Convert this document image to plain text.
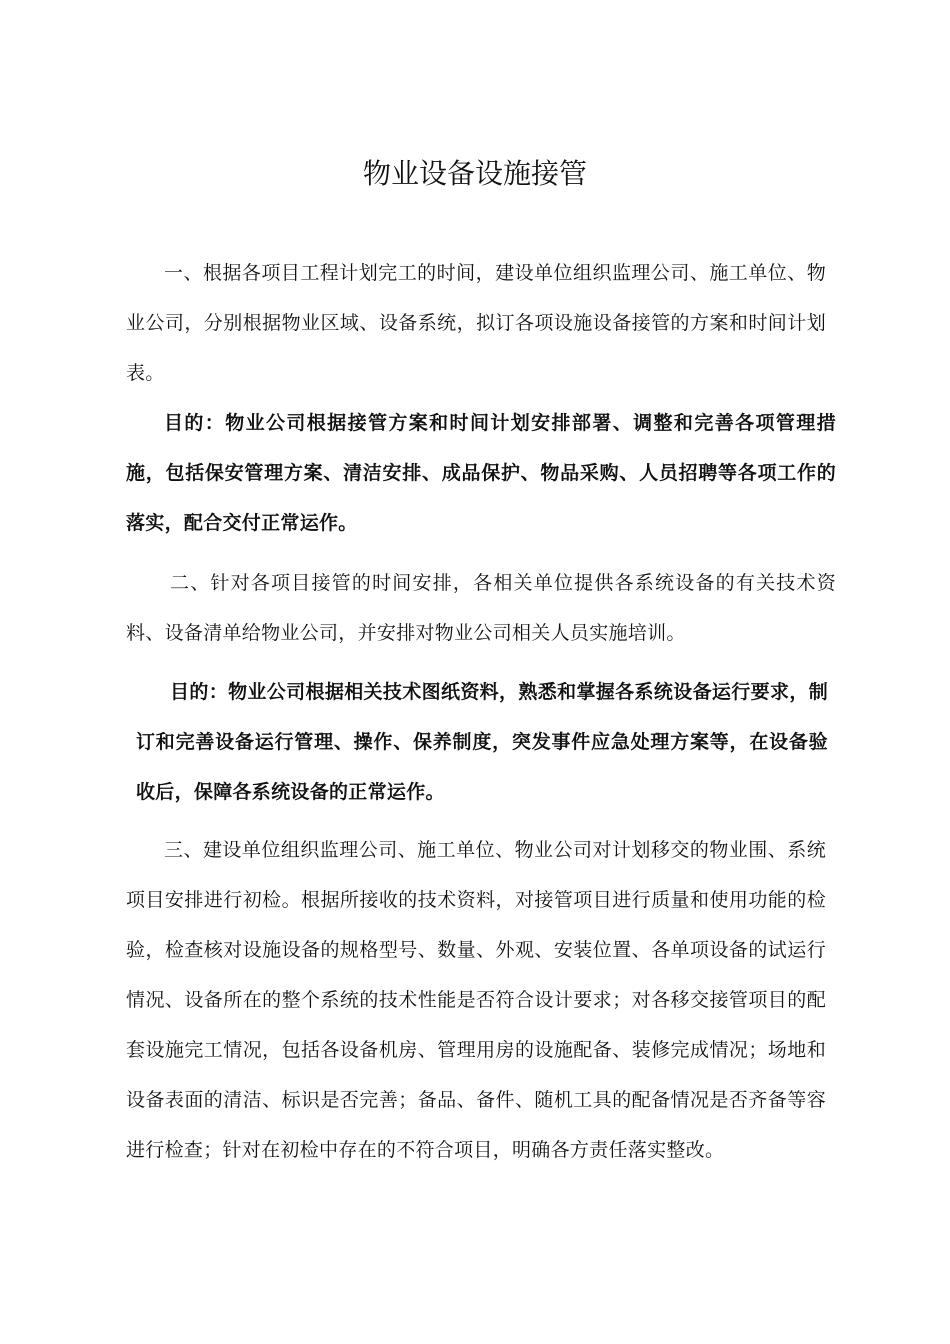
物业设备设施接管

一、根据各项目工程计划完工的时间，建设单位组织监理公司、施工单位、物业公司，分别根据物业区域、设备系统，拟订各项设施设备接管的方案和时间计划表。

目的：物业公司根据接管方案和时间计划安排部署、调整和完善各项管理措施，包括保安管理方案、清洁安排、成品保护、物品采购、人员招聘等各项工作的落实，配合交付正常运作。

二、针对各项目接管的时间安排，各相关单位提供各系统设备的有关技术资料、设备清单给物业公司，并安排对物业公司相关人员实施培训。

目的：物业公司根据相关技术图纸资料，熟悉和掌握各系统设备运行要求，制订和完善设备运行管理、操作、保养制度，突发事件应急处理方案等，在设备验收后，保障各系统设备的正常运作。

三、建设单位组织监理公司、施工单位、物业公司对计划移交的物业围、系统项目安排进行初检。根据所接收的技术资料，对接管项目进行质量和使用功能的检验，检查核对设施设备的规格型号、数量、外观、安装位置、各单项设备的试运行情况、设备所在的整个系统的技术性能是否符合设计要求；对各移交接管项目的配套设施完工情况，包括各设备机房、管理用房的设施配备、装修完成情况；场地和设备表面的清洁、标识是否完善；备品、备件、随机工具的配备情况是否齐备等容进行检查；针对在初检中存在的不符合项目，明确各方责任落实整改。
